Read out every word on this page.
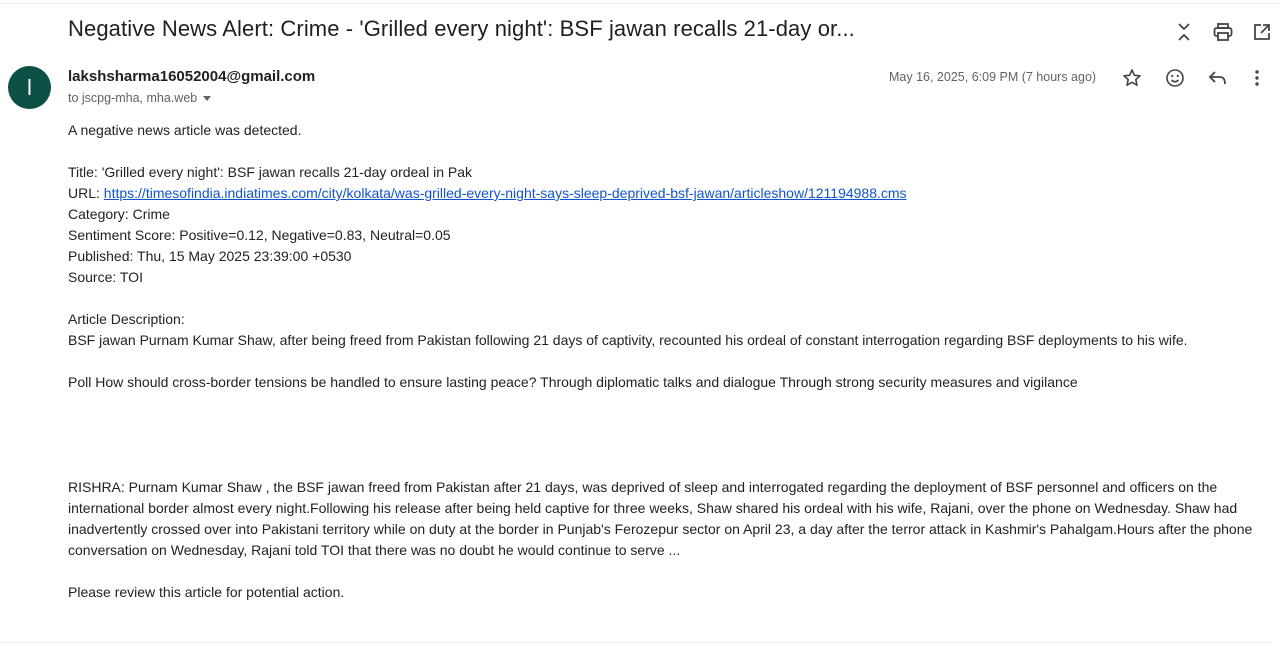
Negative News Alert: Crime - 'Grilled every night': BSF jawan recalls 21-day or...
l	lakshsharma16052004@gmail.com
to jscpg-mha, mha.web
May 16, 2025, 6:09 PM (7 hours ago)

A negative news article was detected.

Title: 'Grilled every night': BSF jawan recalls 21-day ordeal in Pak

URL: https://timesofindia.indiatimes.com/city/kolkata/was-grilled-every-night-says-sleep-deprived-bsf-jawan/articleshow/121194988.cms

Category: Crime

Sentiment Score: Positive=0.12, Negative=0.83, Neutral=0.05

Published: Thu, 15 May 2025 23:39:00 +0530

Source: TOI

Article Description:

BSF jawan Purnam Kumar Shaw, after being freed from Pakistan following 21 days of captivity, recounted his ordeal of constant interrogation regarding BSF deployments to his wife.

Poll How should cross-border tensions be handled to ensure lasting peace? Through diplomatic talks and dialogue Through strong security measures and vigilance

RISHRA: Purnam Kumar Shaw , the BSF jawan freed from Pakistan after 21 days, was deprived of sleep and interrogated regarding the deployment of BSF personnel and officers on the international border almost every night.Following his release after being held captive for three weeks, Shaw shared his ordeal with his wife, Rajani, over the phone on Wednesday. Shaw had inadvertently crossed over into Pakistani territory while on duty at the border in Punjab's Ferozepur sector on April 23, a day after the terror attack in Kashmir's Pahalgam.Hours after the phone conversation on Wednesday, Rajani told TOI that there was no doubt he would continue to serve ...

Please review this article for potential action.
